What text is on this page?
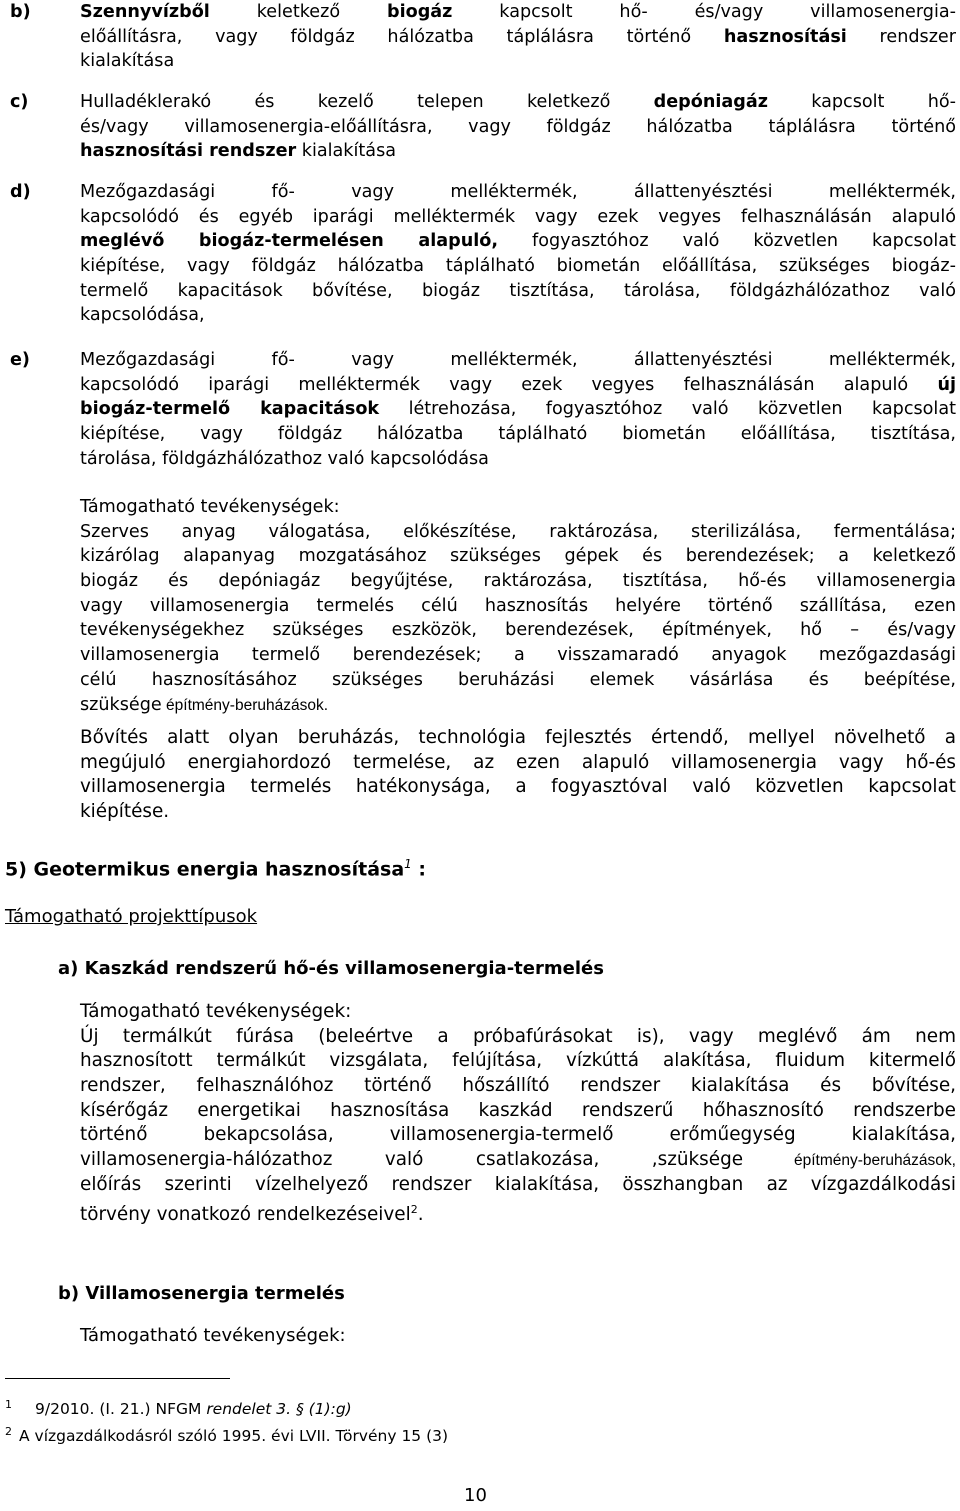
b)	Szennyvízből keletkező biogáz kapcsolt hő- és/vagy villamosenergia-
előállításra, vagy földgáz hálózatba táplálásra történő hasznosítási rendszer
kialakítása
c)	Hulladéklerakó és kezelő telepen keletkező depóniagáz kapcsolt hő-
és/vagy villamosenergia-előállításra, vagy földgáz hálózatba táplálásra történő
hasznosítási rendszer kialakítása
d)	Mezőgazdasági fő- vagy melléktermék, állattenyésztési melléktermék,
kapcsolódó és egyéb iparági melléktermék vagy ezek vegyes felhasználásán alapuló
meglévő biogáz-termelésen alapuló, fogyasztóhoz való közvetlen kapcsolat
kiépítése, vagy földgáz hálózatba táplálható biometán előállítása, szükséges biogáz-
termelő kapacitások bővítése, biogáz tisztítása, tárolása, földgázhálózathoz való
kapcsolódása,
e)	Mezőgazdasági fő- vagy melléktermék, állattenyésztési melléktermék,
kapcsolódó iparági melléktermék vagy ezek vegyes felhasználásán alapuló új
biogáz-termelő kapacitások létrehozása, fogyasztóhoz való közvetlen kapcsolat
kiépítése, vagy földgáz hálózatba táplálható biometán előállítása, tisztítása,
tárolása, földgázhálózathoz való kapcsolódása
Támogatható tevékenységek:
Szerves anyag válogatása, előkészítése, raktározása, sterilizálása, fermentálása;
kizárólag alapanyag mozgatásához szükséges gépek és berendezések; a keletkező
biogáz és depóniagáz begyűjtése, raktározása, tisztítása, hő-és villamosenergia
vagy villamosenergia termelés célú hasznosítás helyére történő szállítása, ezen
tevékenységekhez szükséges eszközök, berendezések, építmények, hő – és/vagy
villamosenergia termelő berendezések; a visszamaradó anyagok mezőgazdasági
célú hasznosításához szükséges beruházási elemek vásárlása és beépítése,
szüksége építmény-beruházások.
Bővítés alatt olyan beruházás, technológia fejlesztés értendő, mellyel növelhető a
megújuló energiahordozó termelése, az ezen alapuló villamosenergia vagy hő-és
villamosenergia termelés hatékonysága, a fogyasztóval való közvetlen kapcsolat
kiépítése.
5) Geotermikus energia hasznosítása$^1$ :
Támogatható projekttípusok
a) Kaszkád rendszerű hő-és villamosenergia-termelés
Támogatható tevékenységek:
Új termálkút fúrása (beleértve a próbafúrásokat is), vagy meglévő ám nem
hasznosított termálkút vizsgálata, felújítása, vízkúttá alakítása, fluidum kitermelő
rendszer, felhasználóhoz történő hőszállító rendszer kialakítása és bővítése,
kísérőgáz energetikai hasznosítása kaszkád rendszerű hőhasznosító rendszerbe
történő bekapcsolása, villamosenergia-termelő erőműegység kialakítása,
villamosenergia-hálózathoz való csatlakozása, ,szüksége építmény-beruházások,
előírás szerinti vízelhelyező rendszer kialakítása, összhangban az vízgazdálkodási
törvény vonatkozó rendelkezéseivel$^2$.
b) Villamosenergia termelés
Támogatható tevékenységek:
1 9/2010. (I. 21.) NFGM rendelet 3. § (1):g)
2 A vízgazdálkodásról szóló 1995. évi LVII. Törvény 15 (3)
10
